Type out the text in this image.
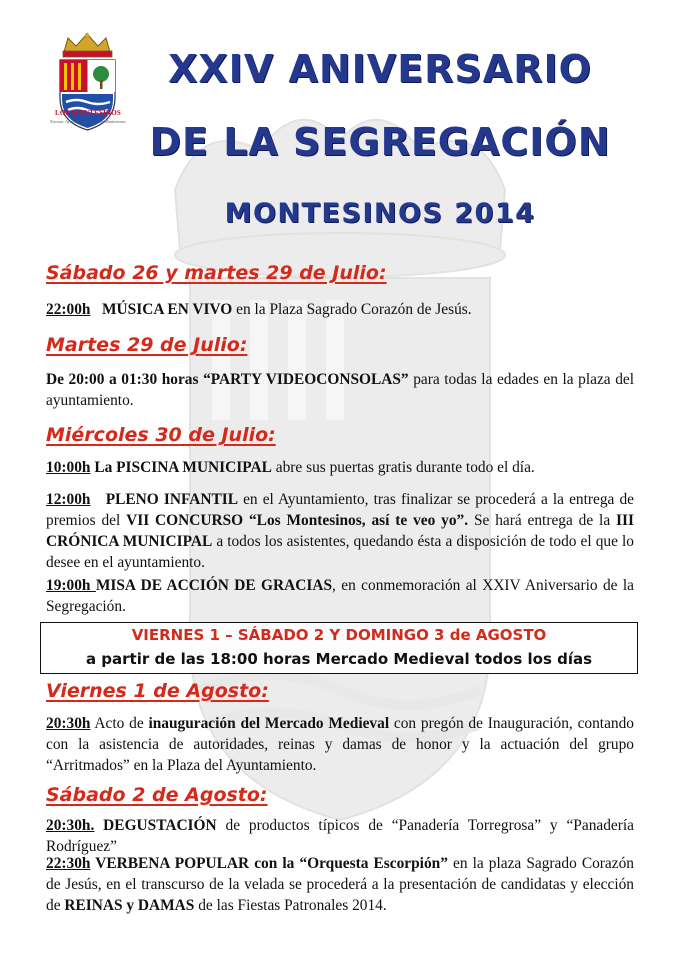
LOS MONTESINOS
Excmo. Ayuntamiento de Los Montesinos
XXIV ANIVERSARIO
DE LA SEGREGACIÓN
MONTESINOS 2014
Sábado 26 y martes 29 de Julio:

22:00h MÚSICA EN VIVO en la Plaza Sagrado Corazón de Jesús.

Martes 29 de Julio:

De 20:00 a 01:30 horas “PARTY VIDEOCONSOLAS” para todas la edades en la plaza del ayuntamiento.

Miércoles 30 de Julio:

10:00h La PISCINA MUNICIPAL abre sus puertas gratis durante todo el día.

12:00h PLENO INFANTIL en el Ayuntamiento, tras finalizar se procederá a la entrega de premios del VII CONCURSO “Los Montesinos, así te veo yo”. Se hará entrega de la III CRÓNICA MUNICIPAL a todos los asistentes, quedando ésta a disposición de todo el que lo desee en el ayuntamiento.

19:00h MISA DE ACCIÓN DE GRACIAS, en conmemoración al XXIV Aniversario de la Segregación.

VIERNES 1 – SÁBADO 2 Y DOMINGO 3 de AGOSTO

a partir de las 18:00 horas Mercado Medieval todos los días

Viernes 1 de Agosto:

20:30h Acto de inauguración del Mercado Medieval con pregón de Inauguración, contando con la asistencia de autoridades, reinas y damas de honor y la actuación del grupo “Arritmados” en la Plaza del Ayuntamiento.

Sábado 2 de Agosto:

20:30h. DEGUSTACIÓN de productos típicos de “Panadería Torregrosa” y “Panadería Rodríguez”

22:30h VERBENA POPULAR con la “Orquesta Escorpión” en la plaza Sagrado Corazón de Jesús, en el transcurso de la velada se procederá a la presentación de candidatas y elección de REINAS y DAMAS de las Fiestas Patronales 2014.
